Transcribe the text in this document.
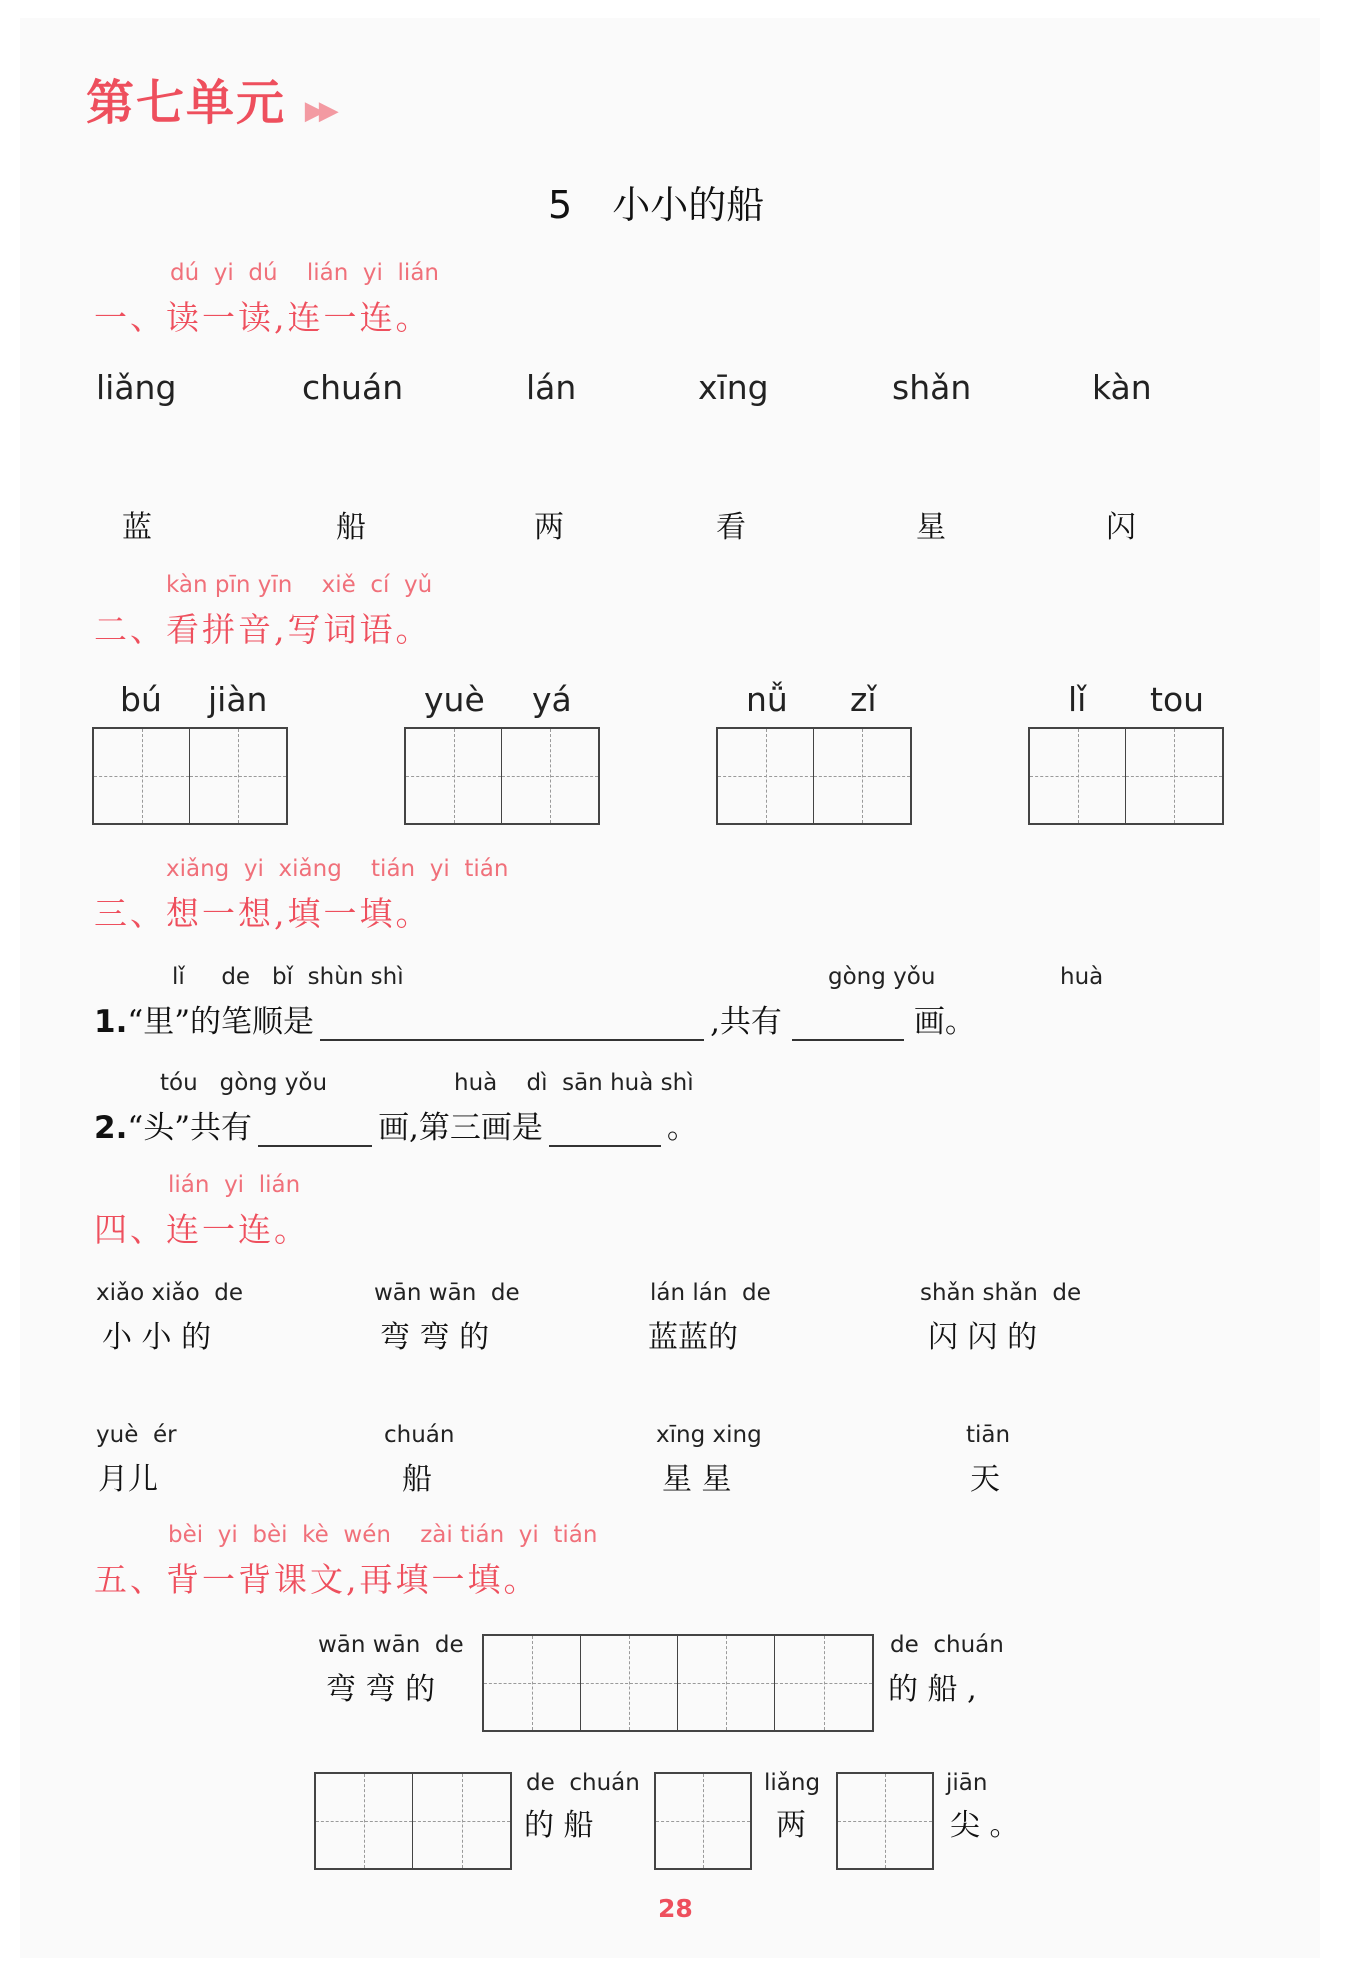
第七单元 ▶▶
5 小小的船
dú  yi  dú    lián  yi  lián
一、读一读,连一连。
liǎng	chuán	lán	xīng	shǎn	kàn
蓝	船	两	看	星	闪
kàn pīn yīn    xiě  cí  yǔ
二、看拼音,写词语。
bú jiàn	yuè yá	nǚ zǐ	lǐ tou
xiǎng  yi  xiǎng    tián  yi  tián
三、想一想,填一填。
lǐ     de   bǐ  shùn shì	gòng yǒu	huà
1.“里”的笔顺是	,共有	画。
tóu   gòng yǒu	huà    dì  sān huà shì
2.“头”共有	画,第三画是	。
lián  yi  lián
四、连一连。
xiǎo xiǎo  de
小 小 的
wān wān  de
弯 弯 的
lán lán  de
蓝蓝的
shǎn shǎn  de
闪 闪 的
yuè  ér
月儿
chuán
船
xīng xing
星 星
tiān
天
bèi  yi  bèi  kè  wén    zài tián  yi  tián
五、背一背课文,再填一填。
wān wān  de
弯 弯 的
de  chuán
的 船 ,
de  chuán
的 船
liǎng
两
jiān
尖 。
28
